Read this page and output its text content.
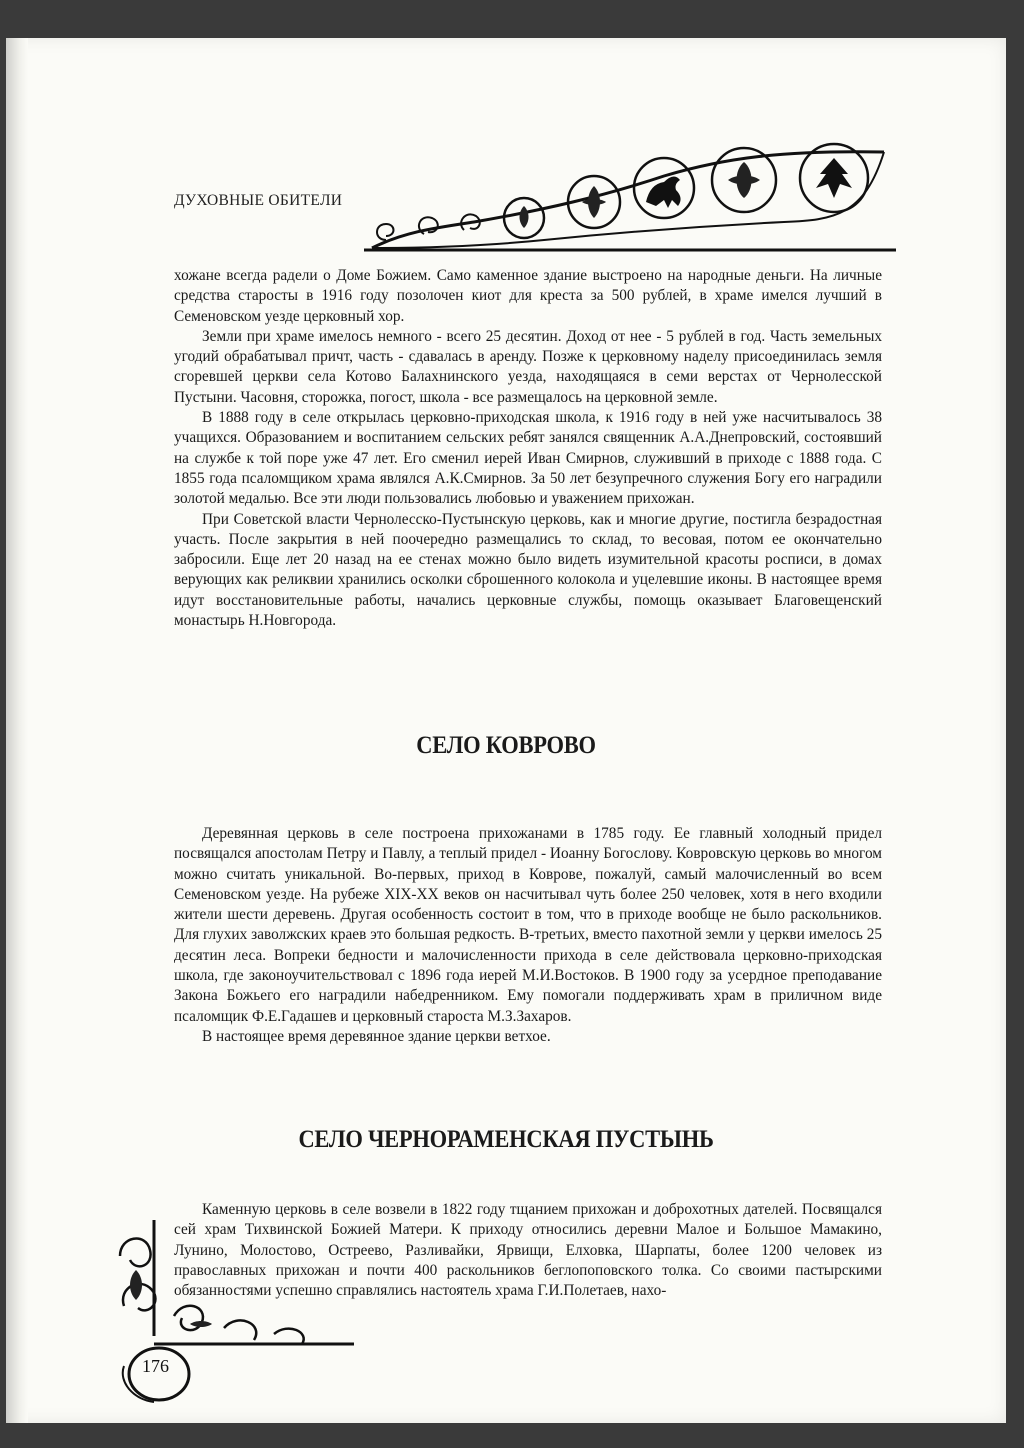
ДУХОВНЫЕ ОБИТЕЛИ

хожане всегда радели о Доме Божием. Само каменное здание выстроено на народные деньги. На личные средства старосты в 1916 году позолочен киот для креста за 500 рублей, в храме имелся лучший в Семеновском уезде церковный хор.

Земли при храме имелось немного - всего 25 десятин. Доход от нее - 5 рублей в год. Часть земельных угодий обрабатывал причт, часть - сдавалась в аренду. Позже к церковному наделу присоединилась земля сгоревшей церкви села Котово Балахнинского уезда, находящаяся в семи верстах от Чернолесской Пустыни. Часовня, сторожка, погост, школа - все размещалось на церковной земле.

В 1888 году в селе открылась церковно-приходская школа, к 1916 году в ней уже насчитывалось 38 учащихся. Образованием и воспитанием сельских ребят занялся священник А.А.Днепровский, состоявший на службе к той поре уже 47 лет. Его сменил иерей Иван Смирнов, служивший в приходе с 1888 года. С 1855 года псаломщиком храма являлся А.К.Смирнов. За 50 лет безупречного служения Богу его наградили золотой медалью. Все эти люди пользовались любовью и уважением прихожан.

При Советской власти Чернолесско-Пустынскую церковь, как и многие другие, постигла безрадостная участь. После закрытия в ней поочередно размещались то склад, то весовая, потом ее окончательно забросили. Еще лет 20 назад на ее стенах можно было видеть изумительной красоты росписи, в домах верующих как реликвии хранились осколки сброшенного колокола и уцелевшие иконы. В настоящее время идут восстановительные работы, начались церковные службы, помощь оказывает Благовещенский монастырь Н.Новгорода.

СЕЛО КОВРОВО

Деревянная церковь в селе построена прихожанами в 1785 году. Ее главный холодный придел посвящался апостолам Петру и Павлу, а теплый придел - Иоанну Богослову. Ковровскую церковь во многом можно считать уникальной. Во-первых, приход в Коврове, пожалуй, самый малочисленный во всем Семеновском уезде. На рубеже XIX-XX веков он насчитывал чуть более 250 человек, хотя в него входили жители шести деревень. Другая особенность состоит в том, что в приходе вообще не было раскольников. Для глухих заволжских краев это большая редкость. В-третьих, вместо пахотной земли у церкви имелось 25 десятин леса. Вопреки бедности и малочисленности прихода в селе действовала церковно-приходская школа, где законоучительствовал с 1896 года иерей М.И.Востоков. В 1900 году за усердное преподавание Закона Божьего его наградили набедренником. Ему помогали поддерживать храм в приличном виде псаломщик Ф.Е.Гадашев и церковный староста М.З.Захаров.

В настоящее время деревянное здание церкви ветхое.

СЕЛО ЧЕРНОРАМЕНСКАЯ ПУСТЫНЬ

Каменную церковь в селе возвели в 1822 году тщанием прихожан и доброхотных дателей. Посвящался сей храм Тихвинской Божией Матери. К приходу относились деревни Малое и Большое Мамакино, Лунино, Молостово, Остреево, Разливайки, Ярвищи, Елховка, Шарпаты, более 1200 человек из православных прихожан и почти 400 раскольников беглопоповского толка. Со своими пастырскими обязанностями успешно справлялись настоятель храма Г.И.Полетаев, нахо-

176
